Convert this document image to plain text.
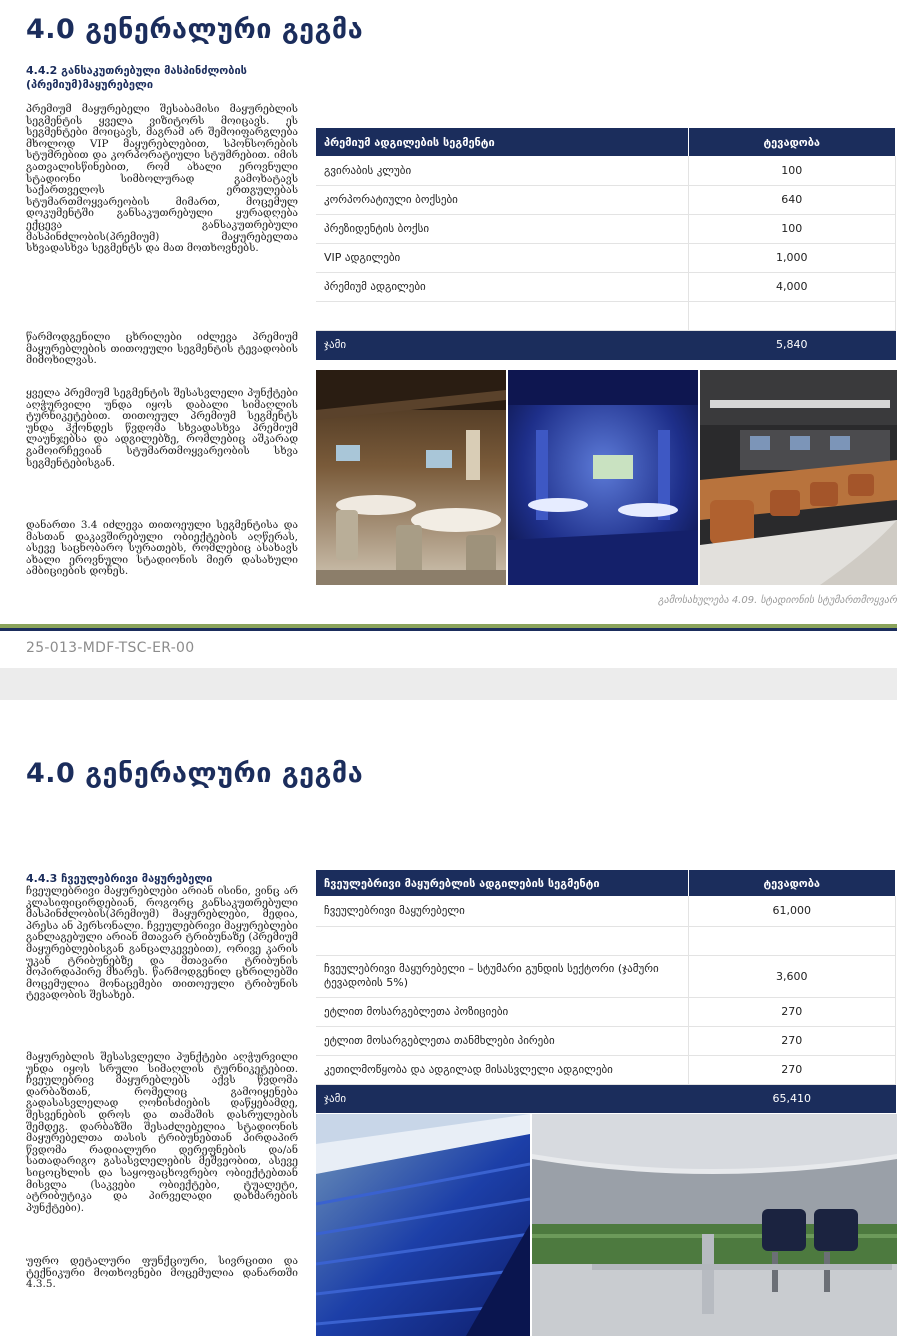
4.0 გენერალური გეგმა
4.4.2 განსაკუთრებული მასპინძლობის (პრემიუმ)მაყურებელი

პრემიუმ მაყურებელი შესაბამისი მაყურებლის სეგმენტის ყველა ვიზიტორს მოიცავს. ეს სეგმენტები მოიცავს, მაგრამ არ შემოიფარგლება მხოლოდ VIP მაყურებლებით, სპონსორების სტუმრებით და კორპორატიული სტუმრებით. იმის გათვალისწინებით, რომ ახალი ეროვნული სტადიონი სიმბოლურად გამოხატავს საქართველოს ერთგულებას სტუმართმოყვარეობის მიმართ, მოცემულ დოკუმენტში განსაკუთრებული ყურადღება ექცევა განსაკუთრებული მასპინძლობის(პრემიუმ) მაყურებელთა სხვადასხვა სეგმენტს და მათ მოთხოვნებს.

წარმოდგენილი ცხრილები იძლევა პრემიუმ მაყურებლების თითოეული სეგმენტის ტევადობის მიმოხილვას.

ყველა პრემიუმ სეგმენტის შესასვლელი პუნქტები აღჭურვილი უნდა იყოს დაბალი სიმაღლის ტურნიკეტებით. თითოეულ პრემიუმ სეგმენტს უნდა ჰქონდეს წვდომა სხვადასხვა პრემიუმ ლაუნჯებსა და ადგილებზე, რომლებიც აშკარად გამოირჩევიან სტუმართმოყვარეობის სხვა სეგმენტებისგან.

დანართი 3.4 იძლევა თითოეული სეგმენტისა და მასთან დაკავშირებული ობიექტების აღწერას, ასევე საცნობარო სურათებს, რომლებიც ასახავს ახალი ეროვნული სტადიონის მიერ დასახული ამბიციების დონეს.

პრემიუმ ადგილების სეგმენტი	ტევადობა
გვირაბის კლუბი	100
კორპორატიული ბოქსები	640
პრეზიდენტის ბოქსი	100
VIP ადგილები	1,000
პრემიუმ ადგილები	4,000

ჯამი	5,840
გამოსახულება 4.09. სტადიონის სტუმართმოყვარ
25-013-MDF-TSC-ER-00
4.0 გენერალური გეგმა
4.4.3 ჩვეულებრივი მაყურებელი

ჩვეულებრივი მაყურებლები არიან ისინი, ვინც არ კლასიფიცირდებიან, როგორც განსაკუთრებული მასპინძლობის(პრემიუმ) მაყურებლები, მედია, პრესა ან პერსონალი. ჩვეულებრივი მაყურებლები განლაგებული არიან მთავარ ტრიბუნაზე (პრემიუმ მაყურებლებისგან განცალკევებით), ორივე კარის უკან ტრიბუნებზე და მთავარი ტრიბუნის მოპირდაპირე მხარეს. წარმოდგენილ ცხრილებში მოცემულია მონაცემები თითოეული ტრიბუნის ტევადობის შესახებ.

მაყურებლის შესასვლელი პუნქტები აღჭურვილი უნდა იყოს სრული სიმაღლის ტურნიკეტებით. ჩვეულებრივ მაყურებლებს აქვს წვდომა დარბაზთან, რომელიც გამოიყენება გადასასვლელად ღონისძიების დაწყებამდე, შესვენების დროს და თამაშის დასრულების შემდეგ. დარბაზში შესაძლებელია სტადიონის მაყურებელთა თასის ტრიბუნებთან პირდაპირ წვდომა რადიალური დერეფნების და/ან სათადარიგო გასასვლელების მეშვეობით, ასევე სიცოცხლის და საყოფაცხოვრებო ობიექტებთან მისვლა (საკვები ობიექტები, ტუალეტი, ატრიბუტიკა და პირველადი დახმარების პუნქტები).

უფრო დეტალური ფუნქციური, სივრცითი და ტექნიკური მოთხოვნები მოცემულია დანართში 4.3.5.

ჩვეულებრივი მაყურებლის ადგილების სეგმენტი	ტევადობა
ჩვეულებრივი მაყურებელი	61,000

ჩვეულებრივი მაყურებელი – სტუმარი გუნდის სექტორი (ჯამური ტევადობის 5%)	3,600
ეტლით მოსარგებლეთა პოზიციები	270
ეტლით მოსარგებლეთა თანმხლები პირები	270
კეთილმოწყობა და ადგილად მისასვლელი ადგილები	270
ჯამი	65,410
